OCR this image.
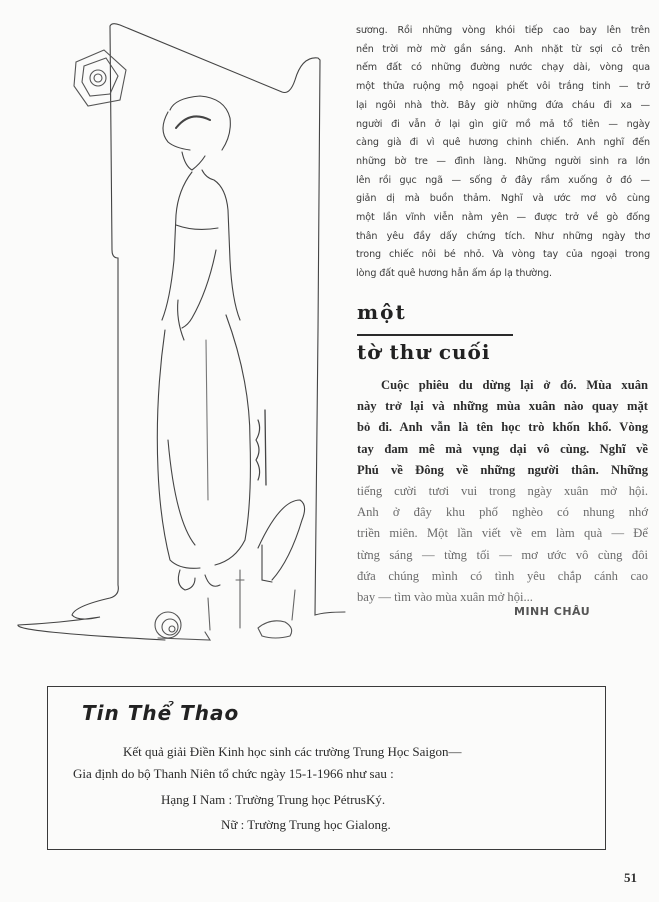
sương. Rồi những vòng khói tiếp cao bay lên trên
nền trời mờ mờ gần sáng. Anh nhặt từ sợi cỏ trên
nếm đất có những đường nước chạy dài, vòng qua
một thửa ruộng mộ ngoại phết vôi trắng tinh — trở
lại ngôi nhà thờ. Bây giờ những đứa cháu đi xa —
người đi vẫn ở lại gìn giữ mồ mả tổ tiên — ngày
càng già đi vì quê hương chinh chiến. Anh nghĩ đến
những bờ tre — đình làng. Những người sinh ra lớn
lên rồi gục ngã — sống ở đây rầm xuống ở đó —
giản dị mà buồn thảm. Nghĩ và ước mơ vô cùng
một lần vĩnh viễn nằm yên — được trở về gò đống
thân yêu đầy dấy chứng tích. Như những ngày thơ
trong chiếc nôi bé nhỏ. Và vòng tay của ngoại trong
lòng đất quê hương hẳn ấm áp lạ thường.
một
tờ thư cuối
Cuộc phiêu du dừng lại ở đó. Mùa xuân
này trở lại và những mùa xuân nào quay mặt
bỏ đi. Anh vẫn là tên học trò khốn khổ. Vòng
tay đam mê mà vụng dại vô cùng. Nghĩ về
Phú về Đông về những người thân. Những
tiếng cười tươi vui trong ngày xuân mở hội.
Anh ở đây khu phố nghèo có nhung nhớ
triền miên. Một lần viết về em làm quà — Để
từng sáng — từng tối — mơ ước vô cùng đôi
đứa chúng mình có tình yêu chắp cánh cao
bay — tìm vào mùa xuân mở hội...
MINH CHÂU
Tin Thể Thao
Kết quả giải Điền Kinh học sinh các trường Trung Học Saigon—
Gia định do bộ Thanh Niên tổ chức ngày 15-1-1966 như sau :
Hạng I Nam : Trường Trung học PétrusKý.
Nữ : Trường Trung học Gialong.
51
